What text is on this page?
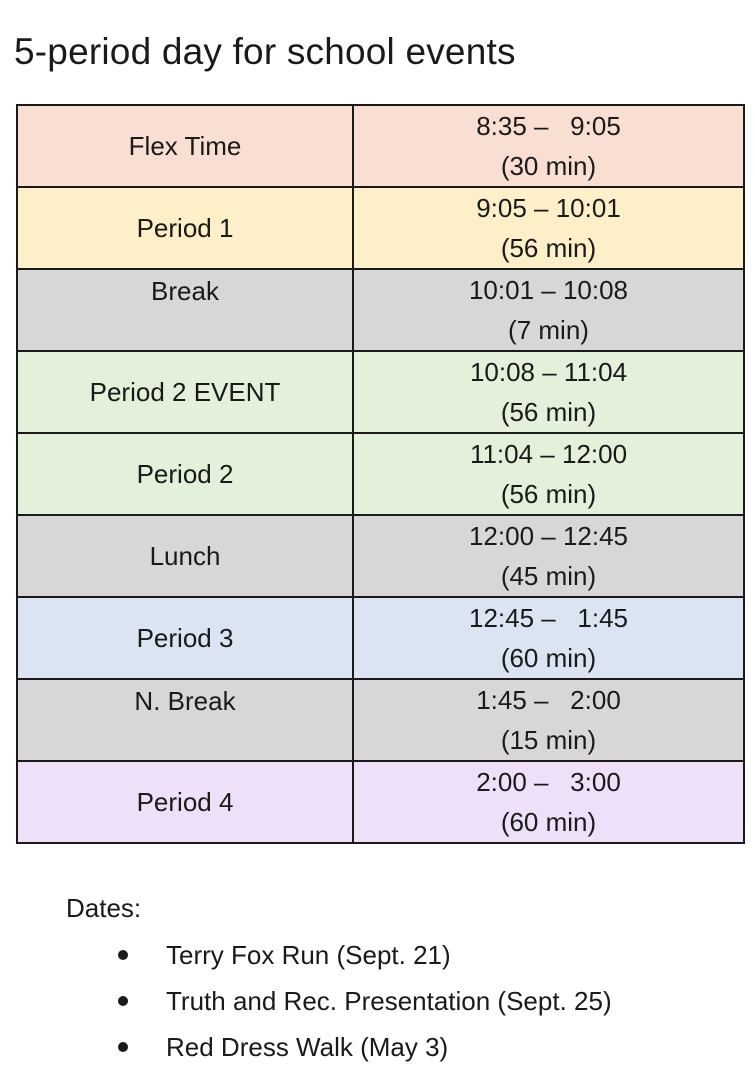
5-period day for school events
Flex Time	8:35 –   9:05
(30 min)

Period 1	9:05 – 10:01
(56 min)

Break	10:01 – 10:08
(7 min)

Period 2 EVENT	10:08 – 11:04
(56 min)

Period 2	11:04 – 12:00
(56 min)

Lunch	12:00 – 12:45
(45 min)

Period 3	12:45 –   1:45
(60 min)

N. Break	1:45 –   2:00
(15 min)

Period 4	2:00 –   3:00
(60 min)
Dates:
Terry Fox Run (Sept. 21)
Truth and Rec. Presentation (Sept. 25)
Red Dress Walk (May 3)
